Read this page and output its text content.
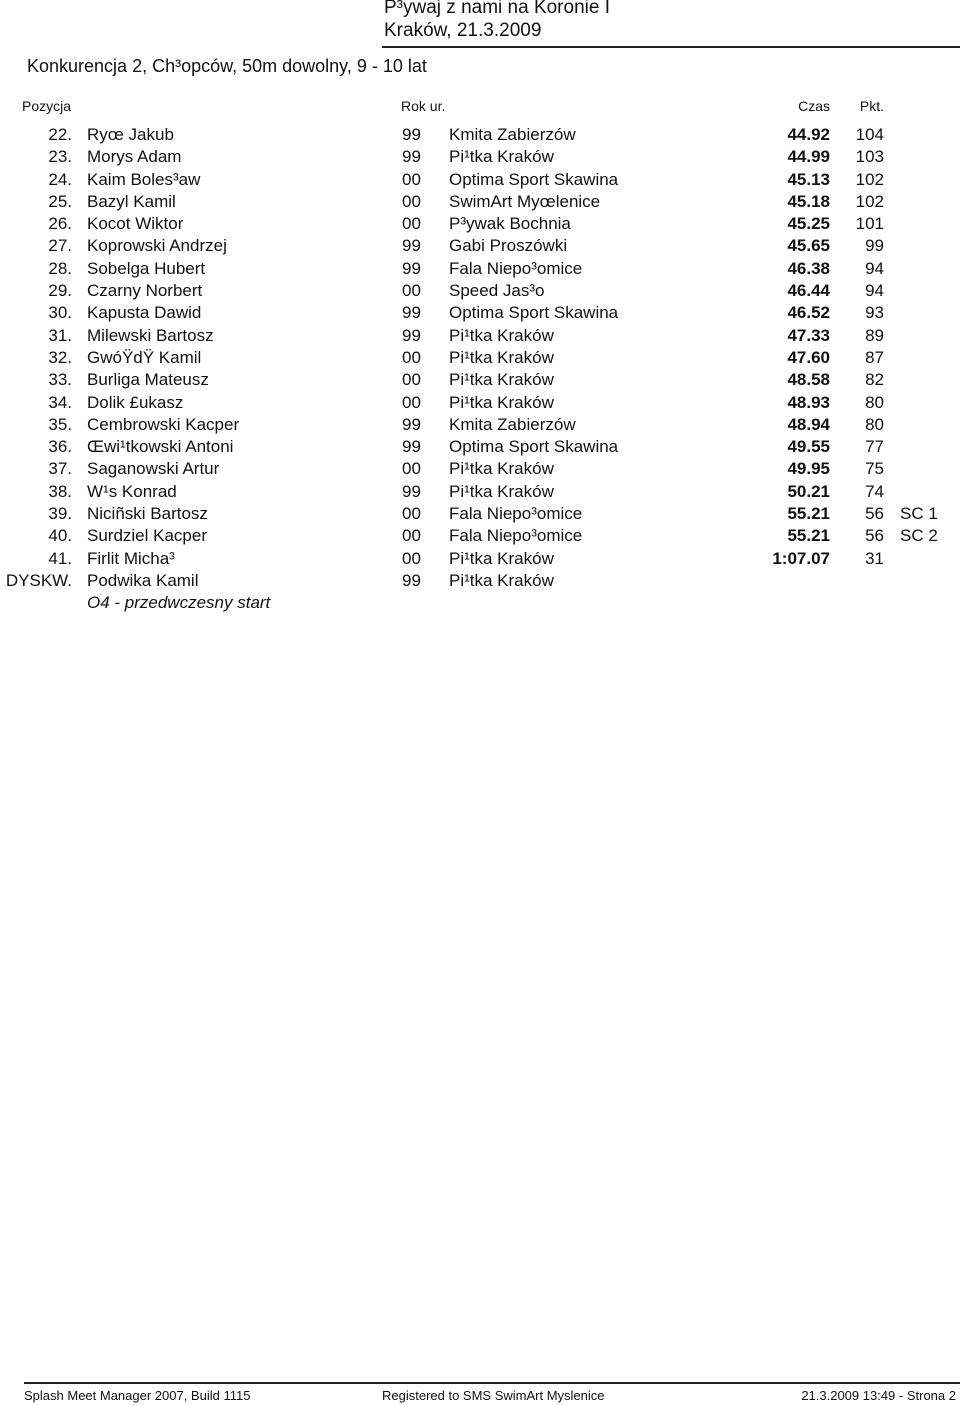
P³ywaj z nami na Koronie I
Kraków, 21.3.2009
Konkurencja 2, Ch³opców, 50m dowolny, 9 - 10 lat
Pozycja	Rok ur.	Czas	Pkt.
22. Ryœ Jakub	99 Kmita Zabierzów	44.92	104
23. Morys Adam	99 Pi¹tka Kraków	44.99	103
24. Kaim Boles³aw	00 Optima Sport Skawina	45.13	102
25. Bazyl Kamil	00 SwimArt Myœlenice	45.18	102
26. Kocot Wiktor	00 P³ywak Bochnia	45.25	101
27. Koprowski Andrzej	99 Gabi Proszówki	45.65	99
28. Sobelga Hubert	99 Fala Niepo³omice	46.38	94
29. Czarny Norbert	00 Speed Jas³o	46.44	94
30. Kapusta Dawid	99 Optima Sport Skawina	46.52	93
31. Milewski Bartosz	99 Pi¹tka Kraków	47.33	89
32. GwóŸdŸ Kamil	00 Pi¹tka Kraków	47.60	87
33. Burliga Mateusz	00 Pi¹tka Kraków	48.58	82
34. Dolik £ukasz	00 Pi¹tka Kraków	48.93	80
35. Cembrowski Kacper	99 Kmita Zabierzów	48.94	80
36. Œwi¹tkowski Antoni	99 Optima Sport Skawina	49.55	77
37. Saganowski Artur	00 Pi¹tka Kraków	49.95	75
38. W¹s Konrad	99 Pi¹tka Kraków	50.21	74
39. Niciñski Bartosz	00 Fala Niepo³omice	55.21	56 SC 1
40. Surdziel Kacper	00 Fala Niepo³omice	55.21	56 SC 2
41. Firlit Micha³	00 Pi¹tka Kraków	1:07.07	31
DYSKW. Podwika Kamil	99 Pi¹tka Kraków
O4 - przedwczesny start
Splash Meet Manager 2007, Build 1115	Registered to SMS SwimArt Myslenice	21.3.2009 13:49 - Strona 2
